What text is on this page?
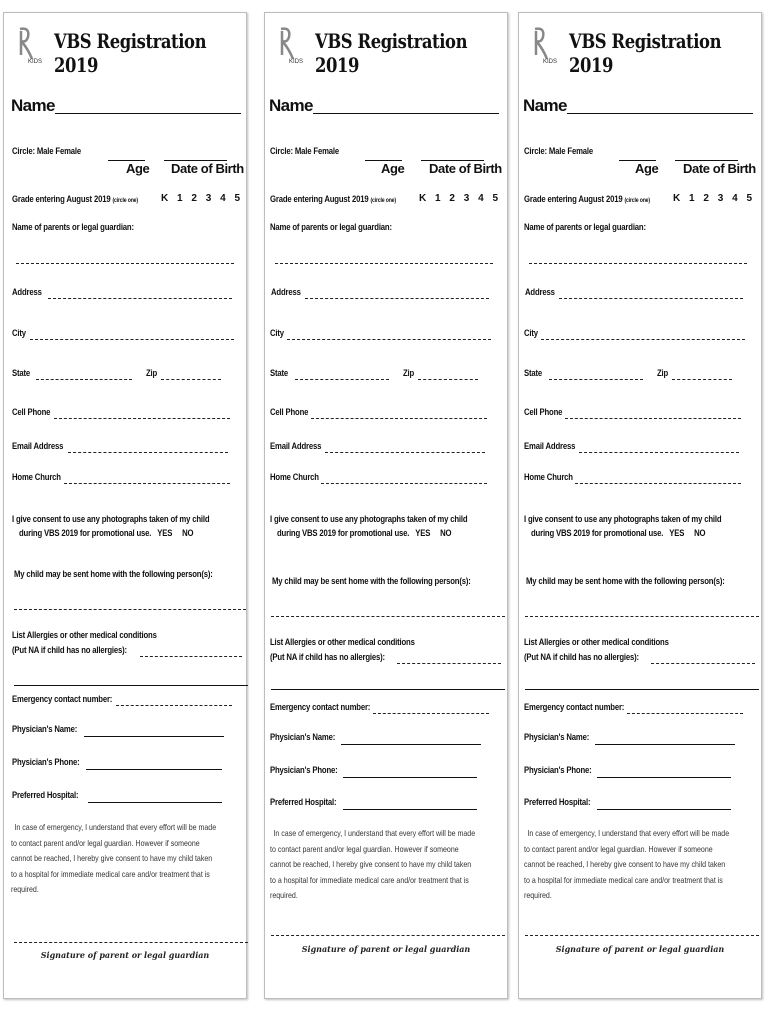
KIDS
VBS Registration 2019
Name
Circle: Male Female
Age	Date of Birth
Grade entering August 2019 (circle one)	K 1 2 3 4 5
Name of parents or legal guardian:
Address
City
State	Zip
Cell Phone
Email Address
Home Church
I give consent to use any photographs taken of my child
during VBS 2019 for promotional use. YES NO
My child may be sent home with the following person(s):
List Allergies or other medical conditions
(Put NA if child has no allergies):
Emergency contact number:
Physician's Name:
Physician's Phone:
Preferred Hospital:
In case of emergency, I understand that every effort will be made to contact parent and/or legal guardian. However if someone cannot be reached, I hereby give consent to have my child taken to a hospital for immediate medical care and/or treatment that is required.
Signature of parent or legal guardian
KIDS
VBS Registration 2019
Name
Circle: Male Female
Age	Date of Birth
Grade entering August 2019 (circle one)	K 1 2 3 4 5
Name of parents or legal guardian:
Address
City
State	Zip
Cell Phone
Email Address
Home Church
I give consent to use any photographs taken of my child
during VBS 2019 for promotional use. YES NO
My child may be sent home with the following person(s):
List Allergies or other medical conditions
(Put NA if child has no allergies):
Emergency contact number:
Physician's Name:
Physician's Phone:
Preferred Hospital:
In case of emergency, I understand that every effort will be made to contact parent and/or legal guardian. However if someone cannot be reached, I hereby give consent to have my child taken to a hospital for immediate medical care and/or treatment that is required.
Signature of parent or legal guardian
KIDS
VBS Registration 2019
Name
Circle: Male Female
Age	Date of Birth
Grade entering August 2019 (circle one)	K 1 2 3 4 5
Name of parents or legal guardian:
Address
City
State	Zip
Cell Phone
Email Address
Home Church
I give consent to use any photographs taken of my child
during VBS 2019 for promotional use. YES NO
My child may be sent home with the following person(s):
List Allergies or other medical conditions
(Put NA if child has no allergies):
Emergency contact number:
Physician's Name:
Physician's Phone:
Preferred Hospital:
In case of emergency, I understand that every effort will be made to contact parent and/or legal guardian. However if someone cannot be reached, I hereby give consent to have my child taken to a hospital for immediate medical care and/or treatment that is required.
Signature of parent or legal guardian
